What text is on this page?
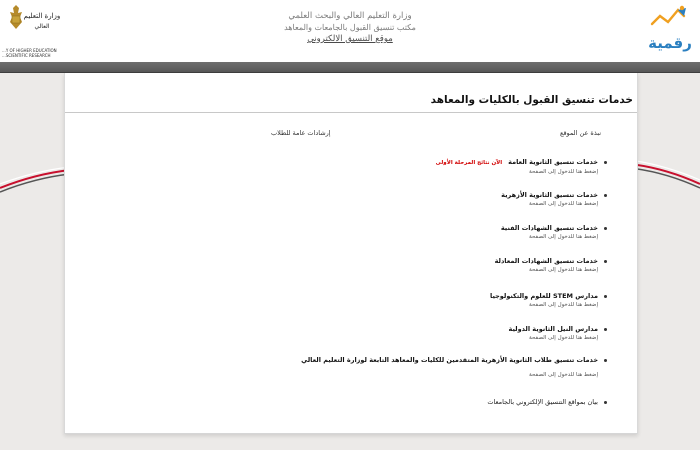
وزارة التعليم
العالي
...Y OF HIGHER EDUCATION
...SCIENTIFIC RESEARCH
وزارة التعليم العالي والبحث العلمي
مكتب تنسيق القبول بالجامعات والمعاهد
موقع التنسيق الالكتروني	رقمية
خدمات تنسيق القبول بالكليات والمعاهد
نبذة عن الموقع
إرشادات عامة للطلاب
خدمات تنسيق الثانوية العامةالآن نتائج المرحلة الأولى
إضغط هنا للدخول إلى الصفحة
خدمات تنسيق الثانوية الأزهرية
إضغط هنا للدخول إلى الصفحة
خدمات تنسيق الشهادات الفنية
إضغط هنا للدخول إلى الصفحة
خدمات تنسيق الشهادات المعادلة
إضغط هنا للدخول إلى الصفحة
مدارس STEM للعلوم والتكنولوجيا
إضغط هنا للدخول إلى الصفحة
مدارس النيل الثانوية الدولية
إضغط هنا للدخول إلى الصفحة
خدمات تنسيق طلاب الثانوية الأزهرية المتقدمين للكليات والمعاهد التابعة لوزارة التعليم العالي
إضغط هنا للدخول إلى الصفحة
بيان بمواقع التنسيق الإلكتروني بالجامعات
